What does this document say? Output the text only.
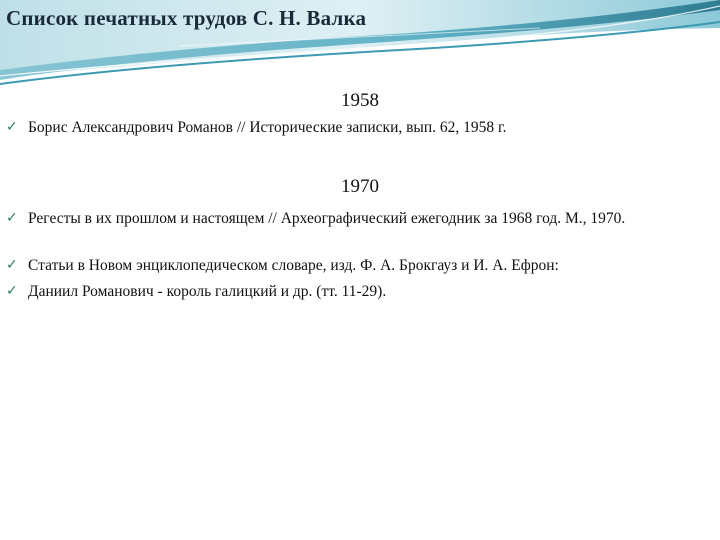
Список печатных трудов С. Н. Валка
1958
✓ Борис Александрович Романов // Исторические записки, вып. 62, 1958 г.
1970
✓ Регесты в их прошлом и настоящем // Археографический ежегодник за 1968 год. М., 1970.
✓ Статьи в Новом энциклопедическом словаре, изд. Ф. А. Брокгауз и И. А. Ефрон:
✓ Даниил Романович - король галицкий и др. (тт. 11-29).
